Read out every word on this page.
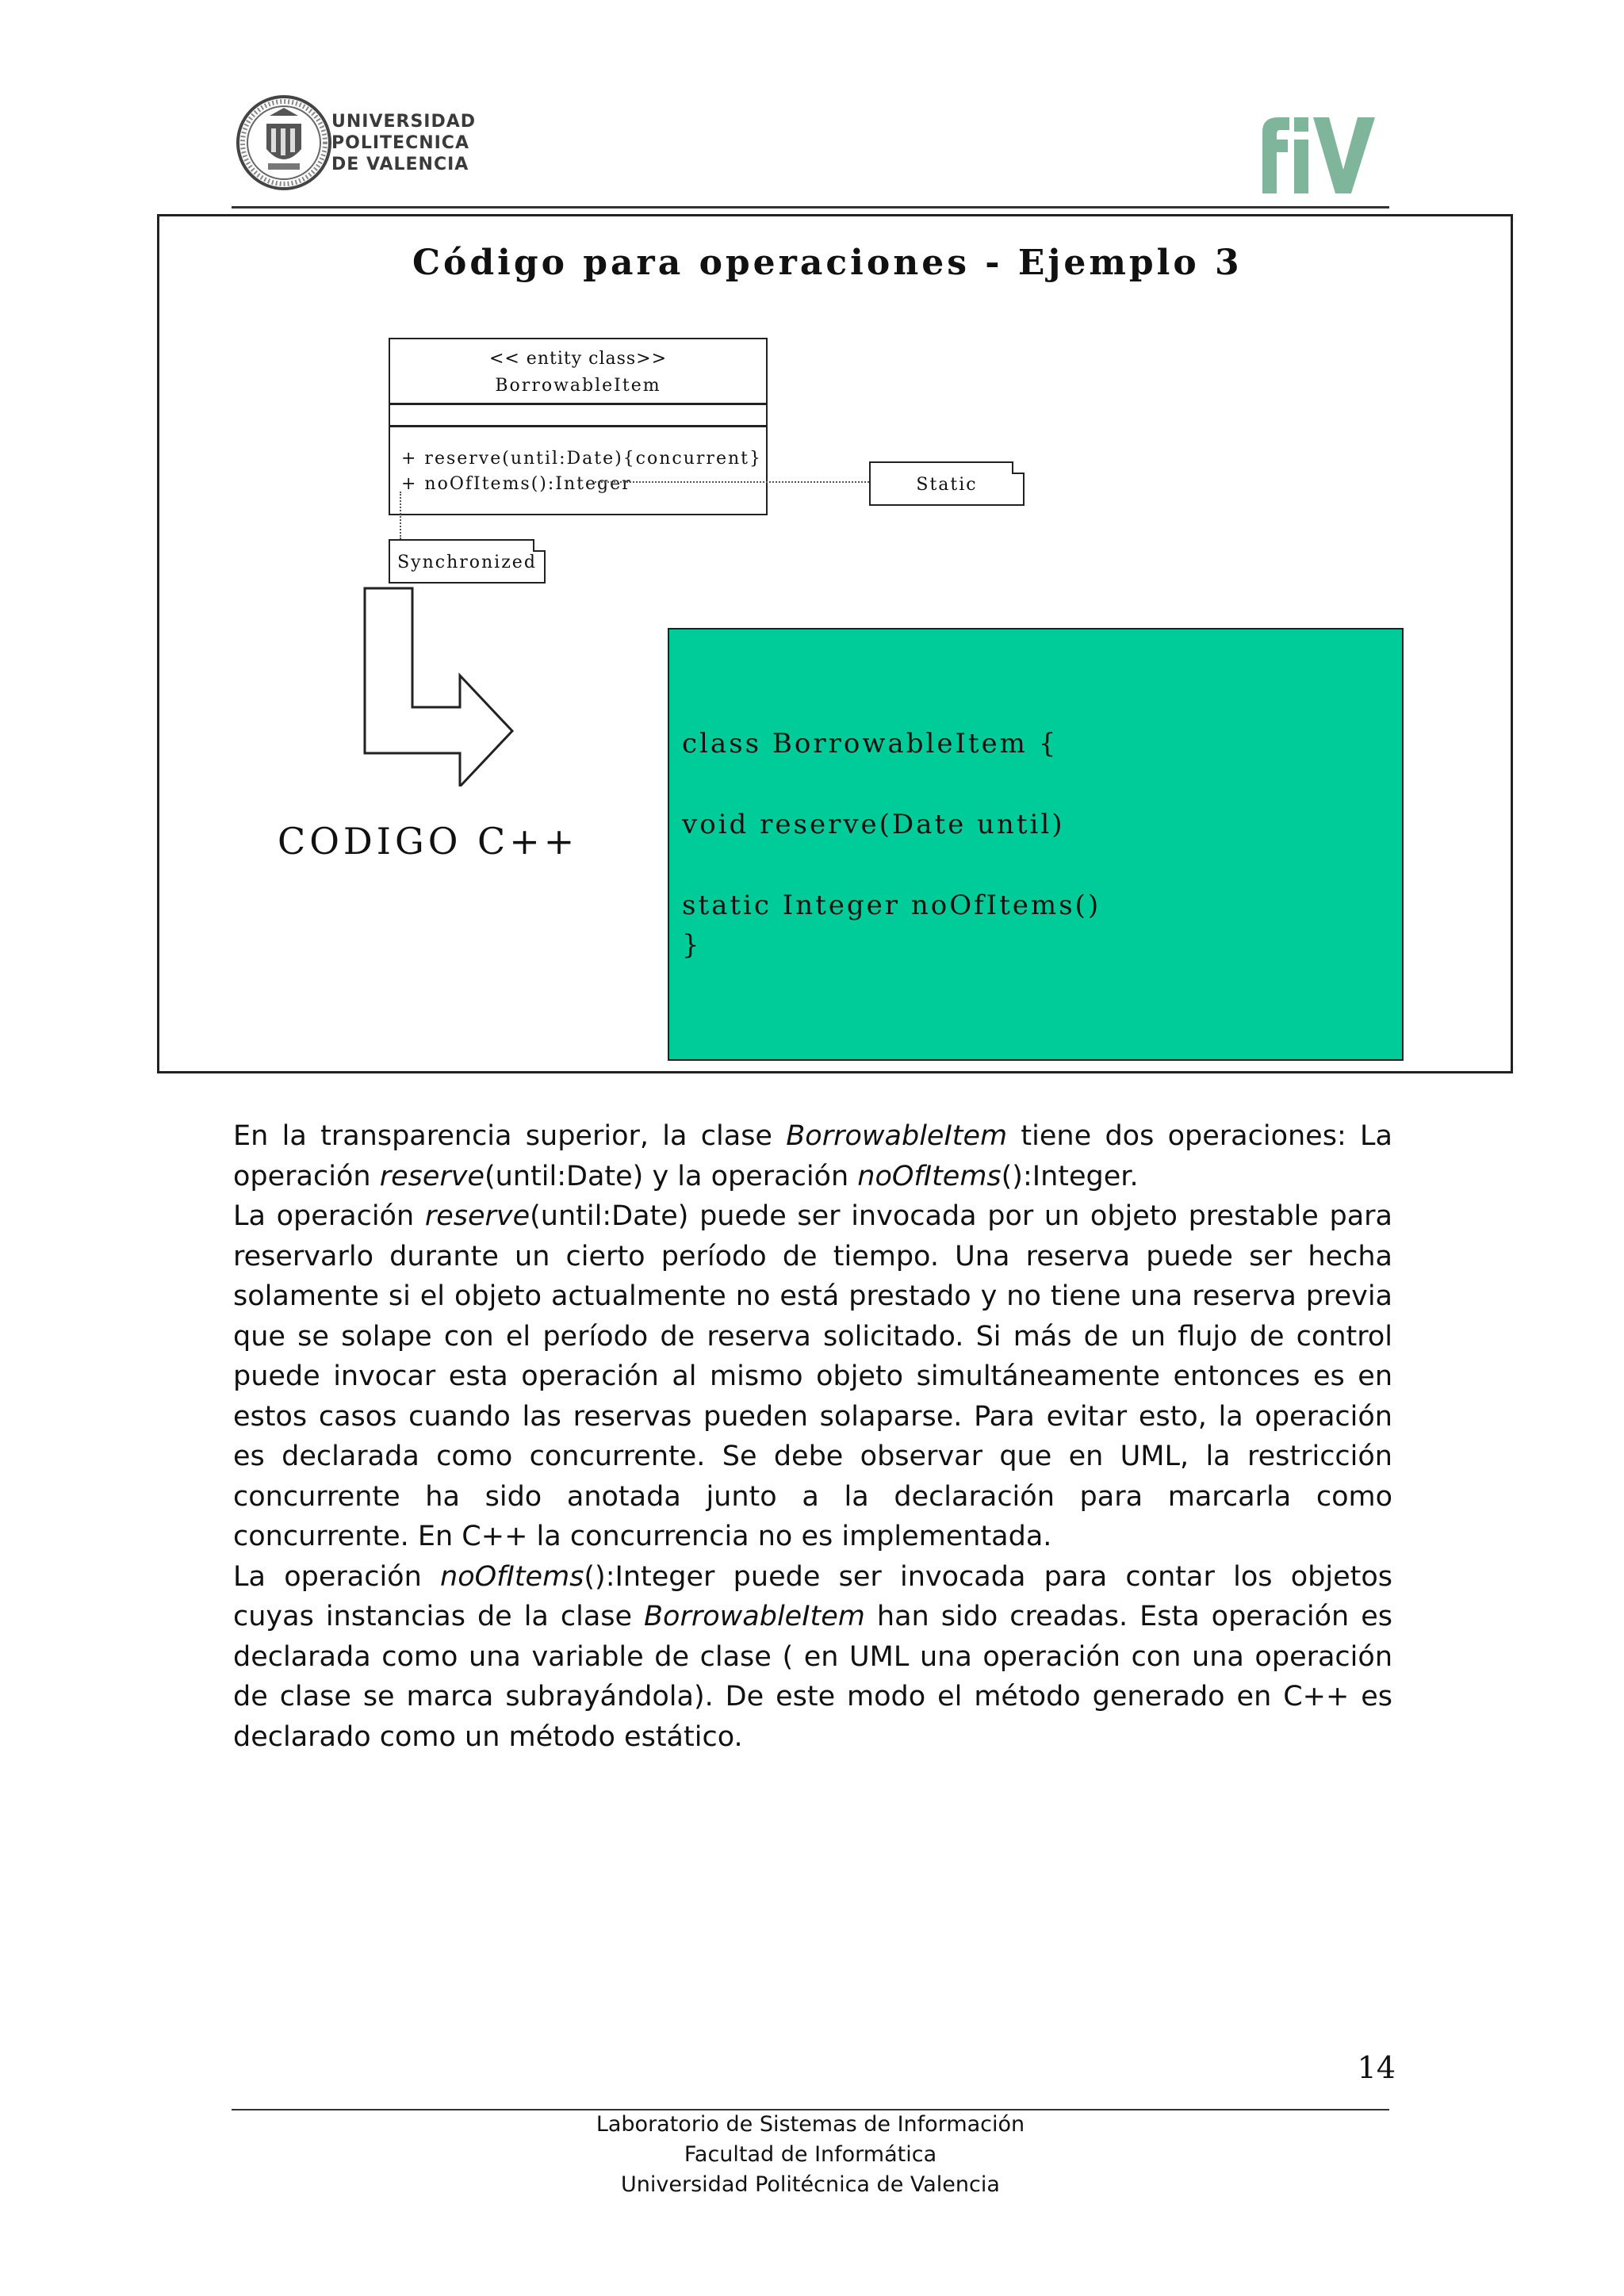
UNIVERSIDAD
POLITECNICA
DE VALENCIA
Código para operaciones - Ejemplo 3
<< entity class>>
BorrowableItem
+ reserve(until:Date){concurrent}
+ noOfItems():Integer	Static
Synchronized
CODIGO C++
class BorrowableItem {
void reserve(Date until)
static Integer noOfItems()
}

En la transparencia superior, la clase BorrowableItem tiene dos operaciones: La operación reserve(until:Date) y la operación noOfItems():Integer.

La operación reserve(until:Date) puede ser invocada por un objeto prestable para reservarlo durante un cierto período de tiempo. Una reserva puede ser hecha solamente si el objeto actualmente no está prestado y no tiene una reserva previa que se solape con el período de reserva solicitado. Si más de un flujo de control puede invocar esta operación al mismo objeto simultáneamente entonces es en estos casos cuando las reservas pueden solaparse. Para evitar esto, la operación es declarada como concurrente. Se debe observar que en UML, la restricción concurrente ha sido anotada junto a la declaración para marcarla como concurrente. En C++ la concurrencia no es implementada.

La operación noOfItems():Integer puede ser invocada para contar los objetos cuyas instancias de la clase BorrowableItem han sido creadas. Esta operación es declarada como una variable de clase ( en UML una operación con una operación de clase se marca subrayándola). De este modo el método generado en C++ es declarado como un método estático.

14
Laboratorio de Sistemas de Información
Facultad de Informática
Universidad Politécnica de Valencia
